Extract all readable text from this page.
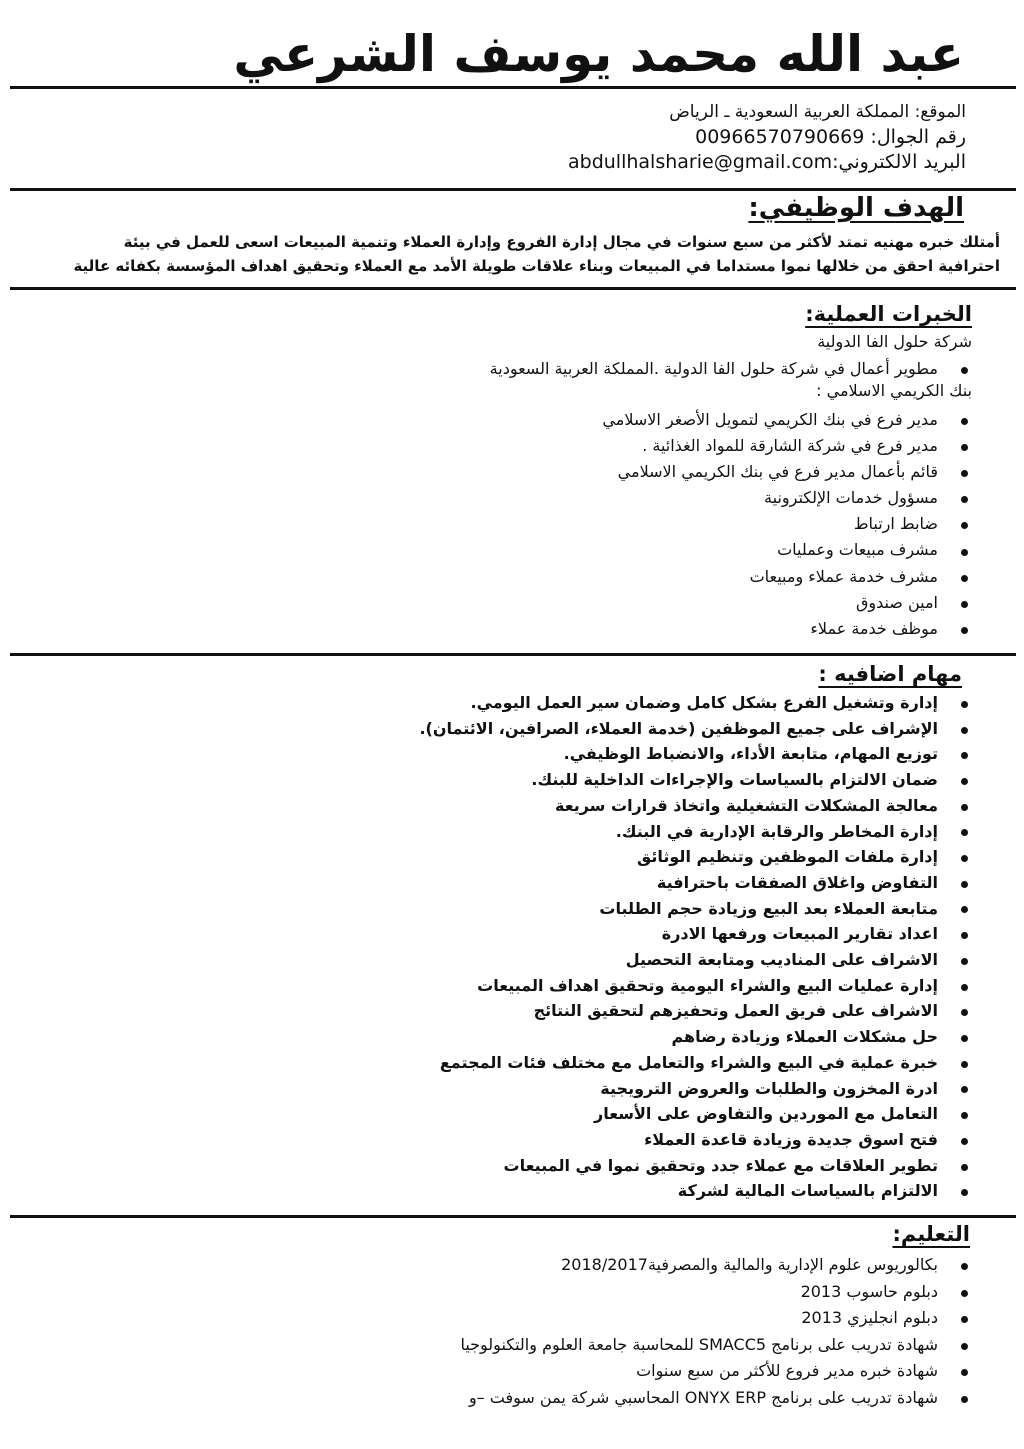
عبد الله محمد يوسف الشرعي
الموقع: المملكة العربية السعودية ـ الرياض
رقم الجوال: 00966570790669
البريد الالكتروني:abdullhalsharie@gmail.com
الهدف الوظيفي:
أمتلك خبره مهنيه تمتد لأكثر من سبع سنوات في مجال إدارة الفروع وإدارة العملاء وتنمية المبيعات اسعى للعمل في بيئة
احترافية احقق من خلالها نموا مستداما في المبيعات وبناء علاقات طويلة الأمد مع العملاء وتحقيق اهداف المؤسسة بكفائه عالية
الخبرات العملية:
شركة حلول الفا الدولية
مطوير أعمال في شركة حلول الفا الدولية .المملكة العربية السعودية
بنك الكريمي الاسلامي :
مدير فرع في بنك الكريمي لتمويل الأصغر الاسلامي
مدير فرع في شركة الشارقة للمواد الغذائية .
قائم بأعمال مدير فرع في بنك الكريمي الاسلامي
مسؤول خدمات الإلكترونية
ضابط ارتباط
مشرف مبيعات وعمليات
مشرف خدمة عملاء ومبيعات
امين صندوق
موظف خدمة عملاء
مهام اضافيه :
إدارة وتشغيل الفرع بشكل كامل وضمان سير العمل اليومي.
الإشراف على جميع الموظفين (خدمة العملاء، الصرافين، الائتمان).
توزيع المهام، متابعة الأداء، والانضباط الوظيفي.
ضمان الالتزام بالسياسات والإجراءات الداخلية للبنك.
معالجة المشكلات التشغيلية واتخاذ قرارات سريعة
إدارة المخاطر والرقابة الإدارية في البنك.
إدارة ملفات الموظفين وتنظيم الوثائق
التفاوض واغلاق الصفقات باحترافية
متابعة العملاء بعد البيع وزيادة حجم الطلبات
اعداد تقارير المبيعات ورفعها الادرة
الاشراف على المناديب ومتابعة التحصيل
إدارة عمليات البيع والشراء اليومية وتحقيق اهداف المبيعات
الاشراف على فريق العمل وتحفيزهم لتحقيق النتائج
حل مشكلات العملاء وزيادة رضاهم
خبرة عملية في البيع والشراء والتعامل مع مختلف فئات المجتمع
ادرة المخزون والطلبات والعروض الترويجية
التعامل مع الموردين والتفاوض على الأسعار
فتح اسوق جديدة وزيادة قاعدة العملاء
تطوير العلاقات مع عملاء جدد وتحقيق نموا في المبيعات
الالتزام بالسياسات المالية لشركة
التعليم:
بكالوريوس علوم الإدارية والمالية والمصرفية2018/2017
دبلوم حاسوب 2013
دبلوم انجليزي 2013
شهادة تدريب على برنامج SMACC5 للمحاسبة جامعة العلوم والتكنولوجيا
شهادة خبره مدير فروع للأكثر من سبع سنوات
شهادة تدريب على برنامج ONYX ERP المحاسبي شركة يمن سوفت –و
